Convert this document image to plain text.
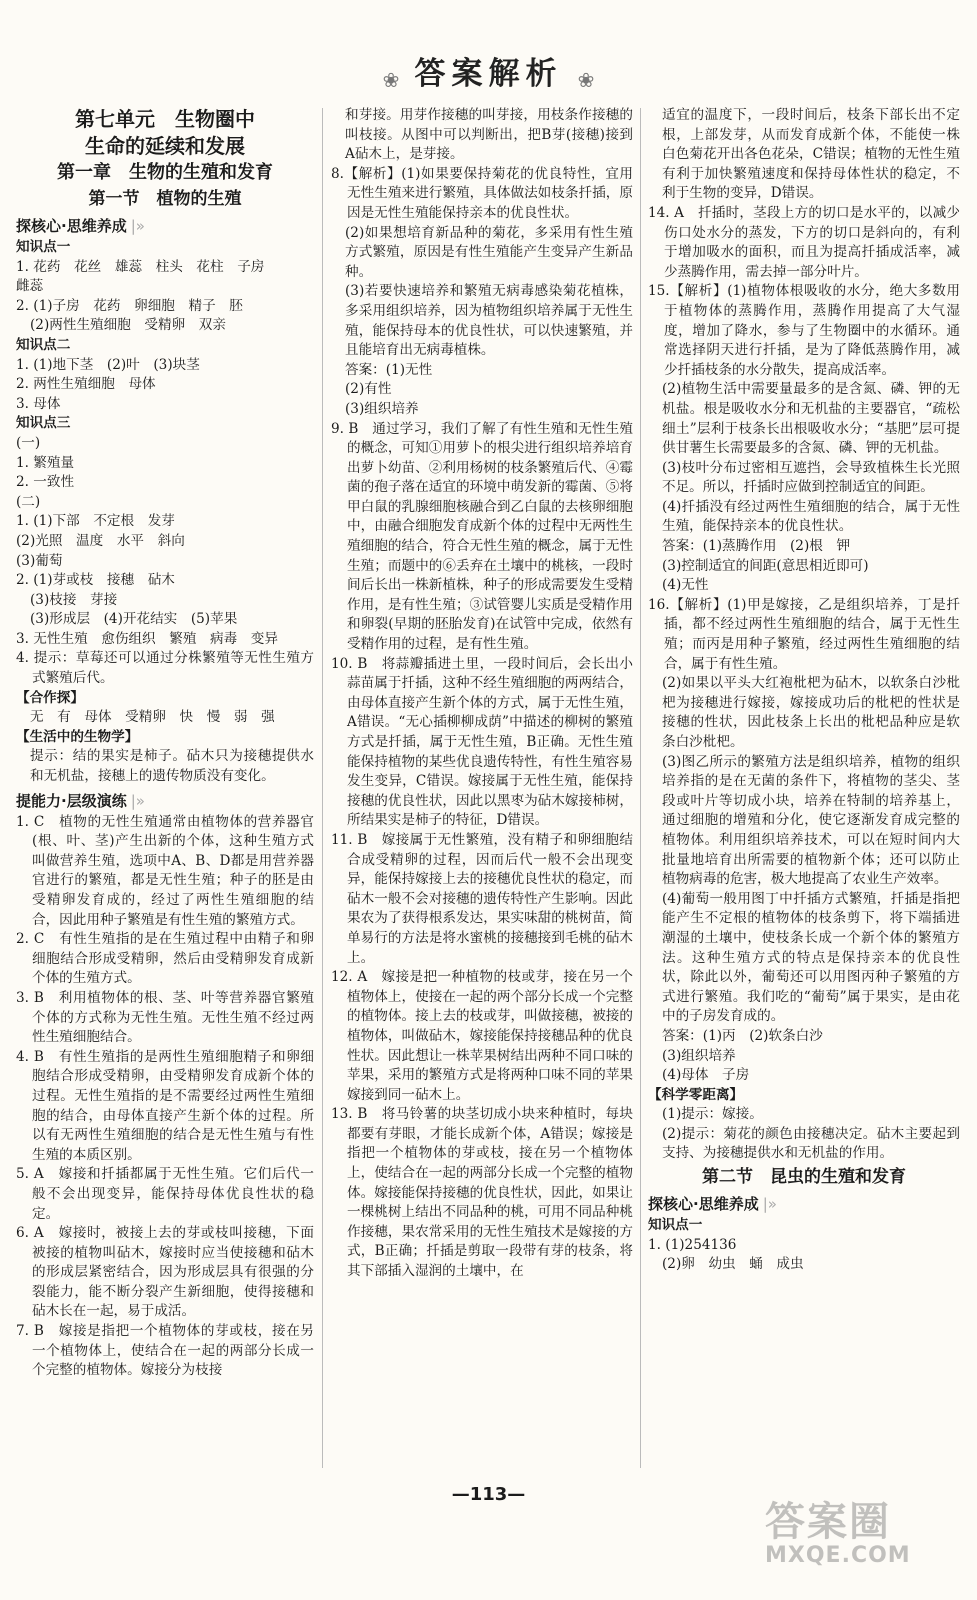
❀ 答案解析 ❀
第七单元　生物圈中
生命的延续和发展
第一章　生物的生殖和发育
第一节　植物的生殖
探核心·思维养成 |»
知识点一
1. 花药　花丝　雄蕊　柱头　花柱　子房
雌蕊
2. (1)子房　花药　卵细胞　精子　胚
(2)两性生殖细胞　受精卵　双亲
知识点二
1. (1)地下茎　(2)叶　(3)块茎
2. 两性生殖细胞　母体
3. 母体
知识点三
(一)
1. 繁殖量
2. 一致性
(二)
1. (1)下部　不定根　发芽
(2)光照　温度　水平　斜向
(3)葡萄
2. (1)芽或枝　接穗　砧木
(3)枝接　芽接
(3)形成层　(4)开花结实　(5)苹果
3. 无性生殖　愈伤组织　繁殖　病毒　变异
4. 提示：草莓还可以通过分株繁殖等无性生殖方式繁殖后代。
【合作探】
无　有　母体　受精卵　快　慢　弱　强
【生活中的生物学】
提示：结的果实是柿子。砧木只为接穗提供水和无机盐，接穗上的遗传物质没有变化。
提能力·层级演练 |»
1. C　植物的无性生殖通常由植物体的营养器官(根、叶、茎)产生出新的个体，这种生殖方式叫做营养生殖，选项中A、B、D都是用营养器官进行的繁殖，都是无性生殖；种子的胚是由受精卵发育成的，经过了两性生殖细胞的结合，因此用种子繁殖是有性生殖的繁殖方式。
2. C　有性生殖指的是在生殖过程中由精子和卵细胞结合形成受精卵，然后由受精卵发育成新个体的生殖方式。
3. B　利用植物体的根、茎、叶等营养器官繁殖个体的方式称为无性生殖。无性生殖不经过两性生殖细胞结合。
4. B　有性生殖指的是两性生殖细胞精子和卵细胞结合形成受精卵，由受精卵发育成新个体的过程。无性生殖指的是不需要经过两性生殖细胞的结合，由母体直接产生新个体的过程。所以有无两性生殖细胞的结合是无性生殖与有性生殖的本质区别。
5. A　嫁接和扦插都属于无性生殖。它们后代一般不会出现变异，能保持母体优良性状的稳定。
6. A　嫁接时，被接上去的芽或枝叫接穗，下面被接的植物叫砧木，嫁接时应当使接穗和砧木的形成层紧密结合，因为形成层具有很强的分裂能力，能不断分裂产生新细胞，使得接穗和砧木长在一起，易于成活。
7. B　嫁接是指把一个植物体的芽或枝，接在另一个植物体上，使结合在一起的两部分长成一个完整的植物体。嫁接分为枝接
和芽接。用芽作接穗的叫芽接，用枝条作接穗的叫枝接。从图中可以判断出，把B芽(接穗)接到A砧木上，是芽接。
8.【解析】(1)如果要保持菊花的优良特性，宜用无性生殖来进行繁殖，具体做法如枝条扦插，原因是无性生殖能保持亲本的优良性状。
(2)如果想培育新品种的菊花，多采用有性生殖方式繁殖，原因是有性生殖能产生变异产生新品种。
(3)若要快速培养和繁殖无病毒感染菊花植株，多采用组织培养，因为植物组织培养属于无性生殖，能保持母本的优良性状，可以快速繁殖，并且能培育出无病毒植株。
答案：(1)无性
(2)有性
(3)组织培养
9. B　通过学习，我们了解了有性生殖和无性生殖的概念，可知①用萝卜的根尖进行组织培养培育出萝卜幼苗、②利用杨树的枝条繁殖后代、④霉菌的孢子落在适宜的环境中萌发新的霉菌、⑤将甲白鼠的乳腺细胞核融合到乙白鼠的去核卵细胞中，由融合细胞发育成新个体的过程中无两性生殖细胞的结合，符合无性生殖的概念，属于无性生殖；而题中的⑥丢弃在土壤中的桃核，一段时间后长出一株新植株，种子的形成需要发生受精作用，是有性生殖；③试管婴儿实质是受精作用和卵裂(早期的胚胎发育)在试管中完成，依然有受精作用的过程，是有性生殖。
10. B　将蒜瓣插进土里，一段时间后，会长出小蒜苗属于扦插，这种不经生殖细胞的两两结合，由母体直接产生新个体的方式，属于无性生殖，A错误。“无心插柳柳成荫”中描述的柳树的繁殖方式是扦插，属于无性生殖，B正确。无性生殖能保持植物的某些优良遗传特性，有性生殖容易发生变异，C错误。嫁接属于无性生殖，能保持接穗的优良性状，因此以黑枣为砧木嫁接柿树，所结果实是柿子的特征，D错误。
11. B　嫁接属于无性繁殖，没有精子和卵细胞结合成受精卵的过程，因而后代一般不会出现变异，能保持嫁接上去的接穗优良性状的稳定，而砧木一般不会对接穗的遗传特性产生影响。因此果农为了获得根系发达，果实味甜的桃树苗，简单易行的方法是将水蜜桃的接穗接到毛桃的砧木上。
12. A　嫁接是把一种植物的枝或芽，接在另一个植物体上，使接在一起的两个部分长成一个完整的植物体。接上去的枝或芽，叫做接穗，被接的植物体，叫做砧木，嫁接能保持接穗品种的优良性状。因此想让一株苹果树结出两种不同口味的苹果，采用的繁殖方式是将两种口味不同的苹果嫁接到同一砧木上。
13. B　将马铃薯的块茎切成小块来种植时，每块都要有芽眼，才能长成新个体，A错误；嫁接是指把一个植物体的芽或枝，接在另一个植物体上，使结合在一起的两部分长成一个完整的植物体。嫁接能保持接穗的优良性状，因此，如果让一棵桃树上结出不同品种的桃，可用不同品种桃作接穗，果农常采用的无性生殖技术是嫁接的方式，B正确；扦插是剪取一段带有芽的枝条，将其下部插入湿润的土壤中，在
适宜的温度下，一段时间后，枝条下部长出不定根，上部发芽，从而发育成新个体，不能使一株白色菊花开出各色花朵，C错误；植物的无性生殖有利于加快繁殖速度和保持母体性状的稳定，不利于生物的变异，D错误。
14. A　扦插时，茎段上方的切口是水平的，以减少伤口处水分的蒸发，下方的切口是斜向的，有利于增加吸水的面积，而且为提高扦插成活率，减少蒸腾作用，需去掉一部分叶片。
15.【解析】(1)植物体根吸收的水分，绝大多数用于植物体的蒸腾作用，蒸腾作用提高了大气湿度，增加了降水，参与了生物圈中的水循环。通常选择阴天进行扦插，是为了降低蒸腾作用，减少扦插枝条的水分散失，提高成活率。
(2)植物生活中需要量最多的是含氮、磷、钾的无机盐。根是吸收水分和无机盐的主要器官，“疏松细土”层利于枝条长出根吸收水分；“基肥”层可提供甘薯生长需要最多的含氮、磷、钾的无机盐。
(3)枝叶分布过密相互遮挡，会导致植株生长光照不足。所以，扦插时应做到控制适宜的间距。
(4)扦插没有经过两性生殖细胞的结合，属于无性生殖，能保持亲本的优良性状。
答案：(1)蒸腾作用　(2)根　钾
(3)控制适宜的间距(意思相近即可)
(4)无性
16.【解析】(1)甲是嫁接，乙是组织培养，丁是扦插，都不经过两性生殖细胞的结合，属于无性生殖；而丙是用种子繁殖，经过两性生殖细胞的结合，属于有性生殖。
(2)如果以平头大红袍枇杷为砧木，以软条白沙枇杷为接穗进行嫁接，嫁接成功后的枇杷的性状是接穗的性状，因此枝条上长出的枇杷品种应是软条白沙枇杷。
(3)图乙所示的繁殖方法是组织培养，植物的组织培养指的是在无菌的条件下，将植物的茎尖、茎段或叶片等切成小块，培养在特制的培养基上，通过细胞的增殖和分化，使它逐渐发育成完整的植物体。利用组织培养技术，可以在短时间内大批量地培育出所需要的植物新个体；还可以防止植物病毒的危害，极大地提高了农业生产效率。
(4)葡萄一般用图丁中扦插方式繁殖，扦插是指把能产生不定根的植物体的枝条剪下，将下端插进潮湿的土壤中，使枝条长成一个新个体的繁殖方法。这种生殖方式的特点是保持亲本的优良性状，除此以外，葡萄还可以用图丙种子繁殖的方式进行繁殖。我们吃的“葡萄”属于果实，是由花中的子房发育成的。
答案：(1)丙　(2)软条白沙
(3)组织培养
(4)母体　子房
【科学零距离】
(1)提示：嫁接。
(2)提示：菊花的颜色由接穗决定。砧木主要起到支持、为接穗提供水和无机盐的作用。
第二节　昆虫的生殖和发育
探核心·思维养成 |»
知识点一
1. (1)254136
(2)卵　幼虫　蛹　成虫
—113—
答案圈
MXQE.COM
